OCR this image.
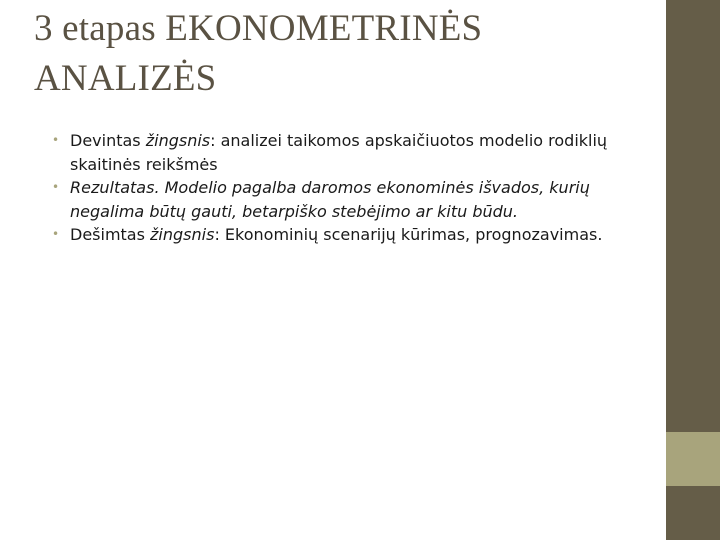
3 etapas EKONOMETRINĖS
ANALIZĖS
• Devintas žingsnis: analizei taikomos apskaičiuotos modelio rodiklių skaitinės reikšmės
• Rezultatas. Modelio pagalba daromos ekonominės išvados, kurių negalima būtų gauti, betarpiško stebėjimo ar kitu būdu.
• Dešimtas žingsnis: Ekonominių scenarijų kūrimas, prognozavimas.
